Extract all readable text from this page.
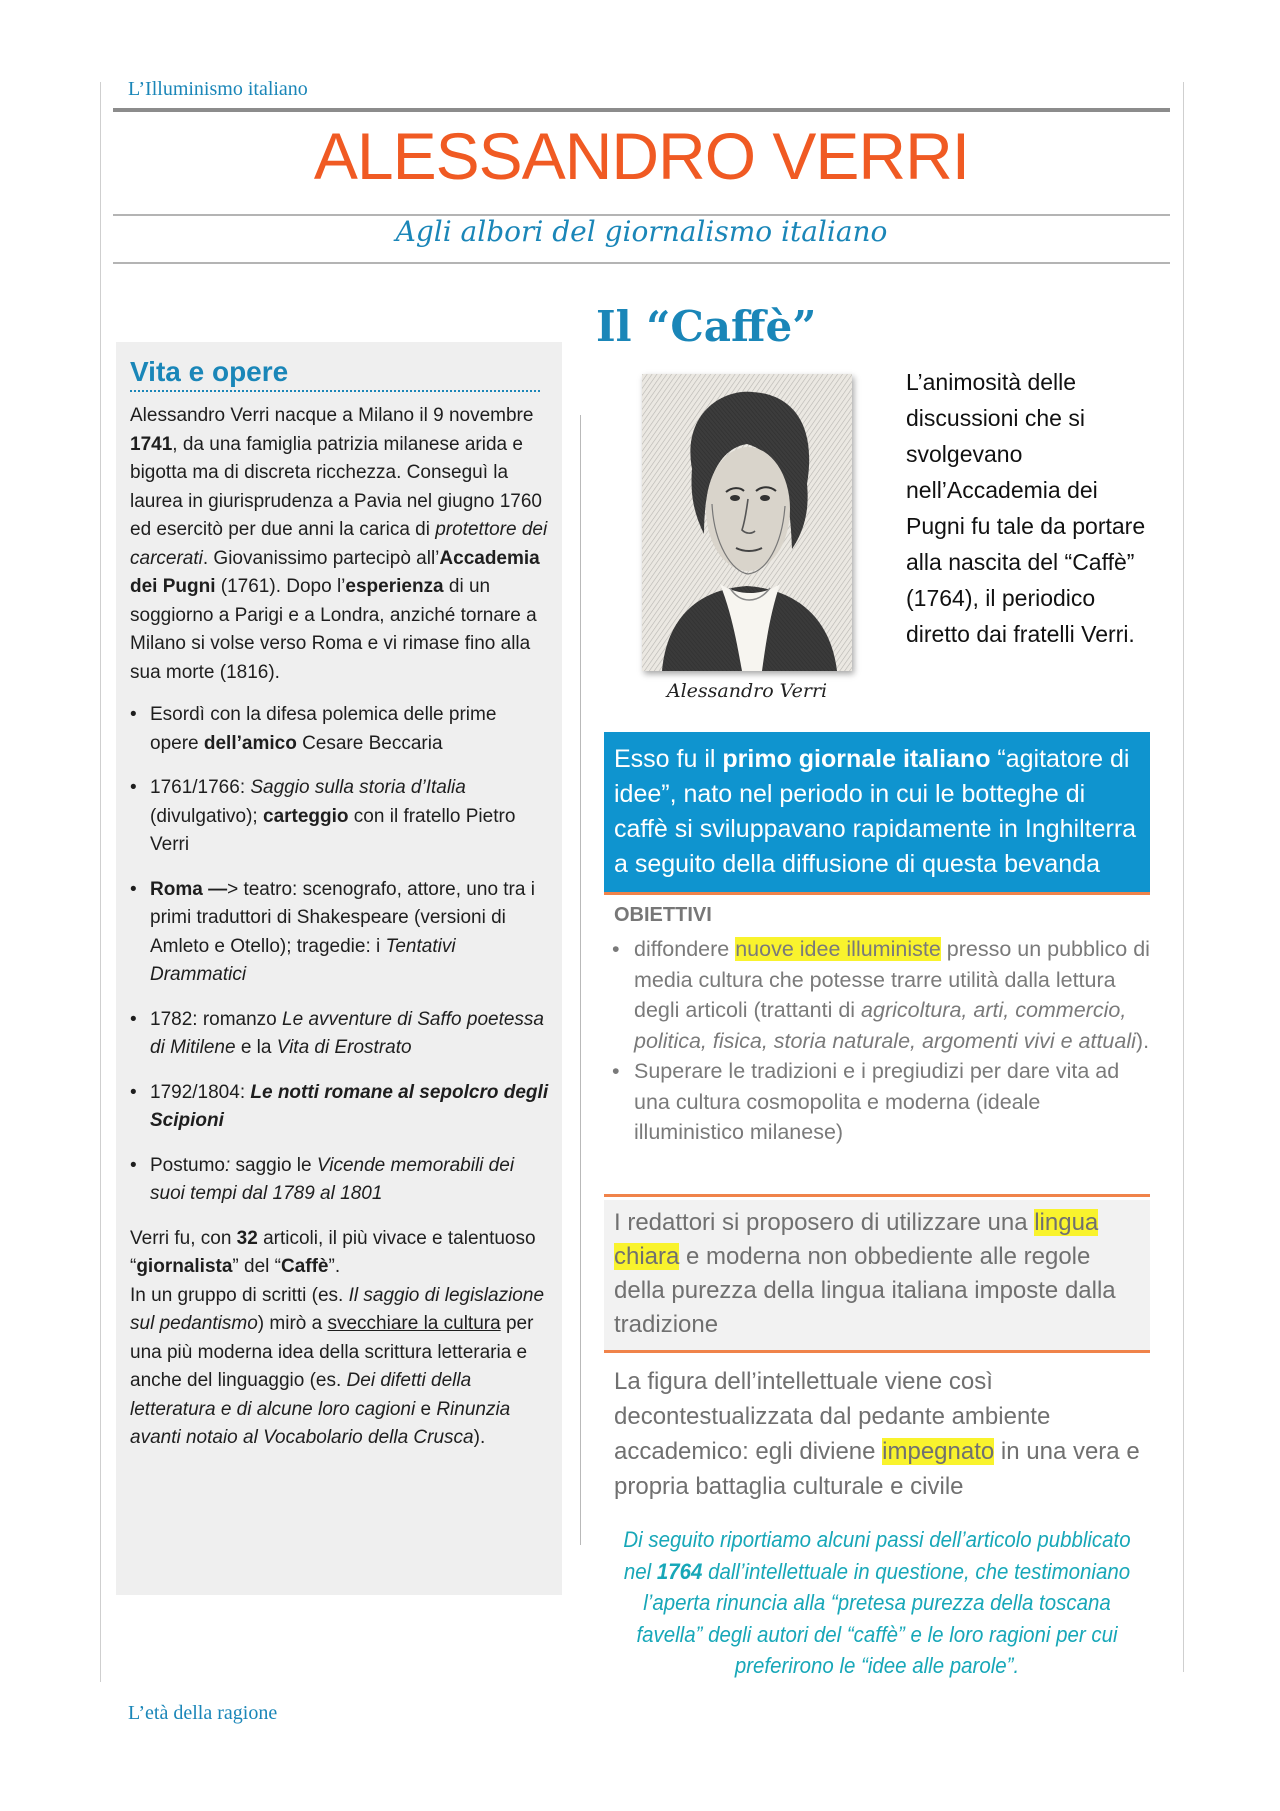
L’Illuminismo italiano
ALESSANDRO VERRI
Agli albori del giornalismo italiano
Vita e opere

Alessandro Verri nacque a Milano il 9 novembre 1741, da una famiglia patrizia milanese arida e bigotta ma di discreta ricchezza. Conseguì la laurea in giurisprudenza a Pavia nel giugno 1760 ed esercitò per due anni la carica di protettore dei carcerati. Giovanissimo partecipò all’Accademia dei Pugni (1761). Dopo l’esperienza di un soggiorno a Parigi e a Londra, anziché tornare a Milano si volse verso Roma e vi rimase fino alla sua morte (1816).

• Esordì con la difesa polemica delle prime opere dell’amico Cesare Beccaria
• 1761/1766: Saggio sulla storia d’Italia (divulgativo); carteggio con il fratello Pietro Verri
• Roma —> teatro: scenografo, attore, uno tra i primi traduttori di Shakespeare (versioni di Amleto e Otello); tragedie: i Tentativi Drammatici
• 1782: romanzo Le avventure di Saffo poetessa di Mitilene e la Vita di Erostrato
• 1792/1804: Le notti romane al sepolcro degli Scipioni
• Postumo: saggio le Vicende memorabili dei suoi tempi dal 1789 al 1801

Verri fu, con 32 articoli, il più vivace e talentuoso “giornalista” del “Caffè”.
In un gruppo di scritti (es. Il saggio di legislazione sul pedantismo) mirò a svecchiare la cultura per una più moderna idea della scrittura letteraria e anche del linguaggio (es. Dei difetti della letteratura e di alcune loro cagioni e Rinunzia avanti notaio al Vocabolario della Crusca).

Il “Caffè”
Alessandro Verri
L’animosità delle discussioni che si svolgevano nell’Accademia dei Pugni fu tale da portare alla nascita del “Caffè” (1764), il periodico diretto dai fratelli Verri.
Esso fu il primo giornale italiano “agitatore di idee”, nato nel periodo in cui le botteghe di caffè si sviluppavano rapidamente in Inghilterra a seguito della diffusione di questa bevanda
OBIETTIVI
• diffondere nuove idee illuministe presso un pubblico di media cultura che potesse trarre utilità dalla lettura degli articoli (trattanti di agricoltura, arti, commercio, politica, fisica, storia naturale, argomenti vivi e attuali).
• Superare le tradizioni e i pregiudizi per dare vita ad una cultura cosmopolita e moderna (ideale illuministico milanese)
I redattori si proposero di utilizzare una lingua chiara e moderna non obbediente alle regole della purezza della lingua italiana imposte dalla tradizione
La figura dell’intellettuale viene così decontestualizzata dal pedante ambiente accademico: egli diviene impegnato in una vera e propria battaglia culturale e civile
Di seguito riportiamo alcuni passi dell’articolo pubblicato nel 1764 dall’intellettuale in questione, che testimoniano l’aperta rinuncia alla “pretesa purezza della toscana favella” degli autori del “caffè” e le loro ragioni per cui preferirono le “idee alle parole”.
L’età della ragione
